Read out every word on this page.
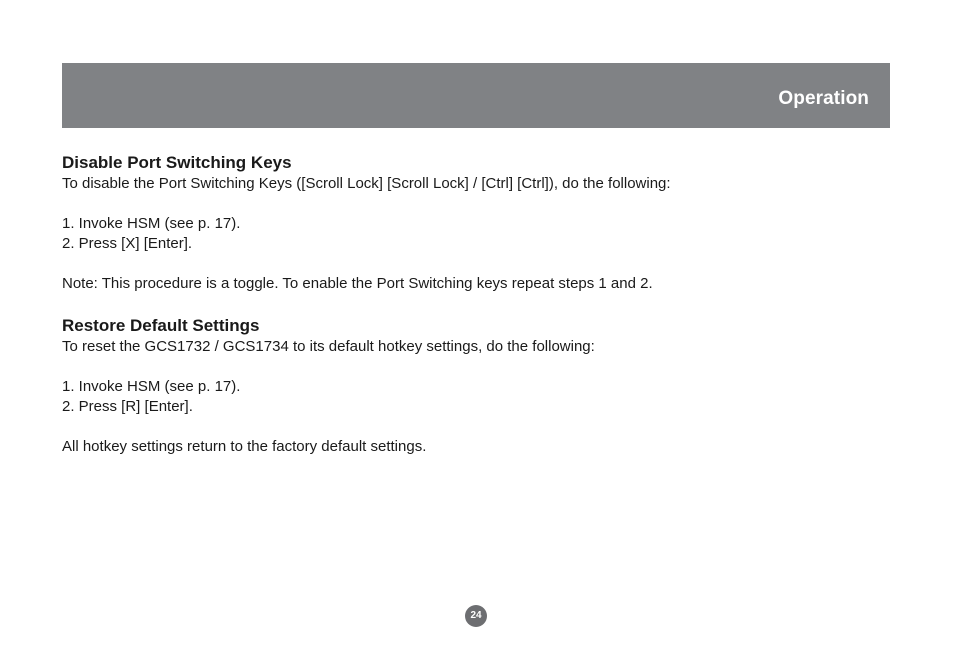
Operation
Disable Port Switching Keys

To disable the Port Switching Keys ([Scroll Lock] [Scroll Lock] / [Ctrl] [Ctrl]), do the following:

1. Invoke HSM (see p. 17).

2. Press [X] [Enter].

Note: This procedure is a toggle. To enable the Port Switching keys repeat steps 1 and 2.

Restore Default Settings

To reset the GCS1732 / GCS1734 to its default hotkey settings, do the following:

1. Invoke HSM (see p. 17).

2. Press [R] [Enter].

All hotkey settings return to the factory default settings.

24
